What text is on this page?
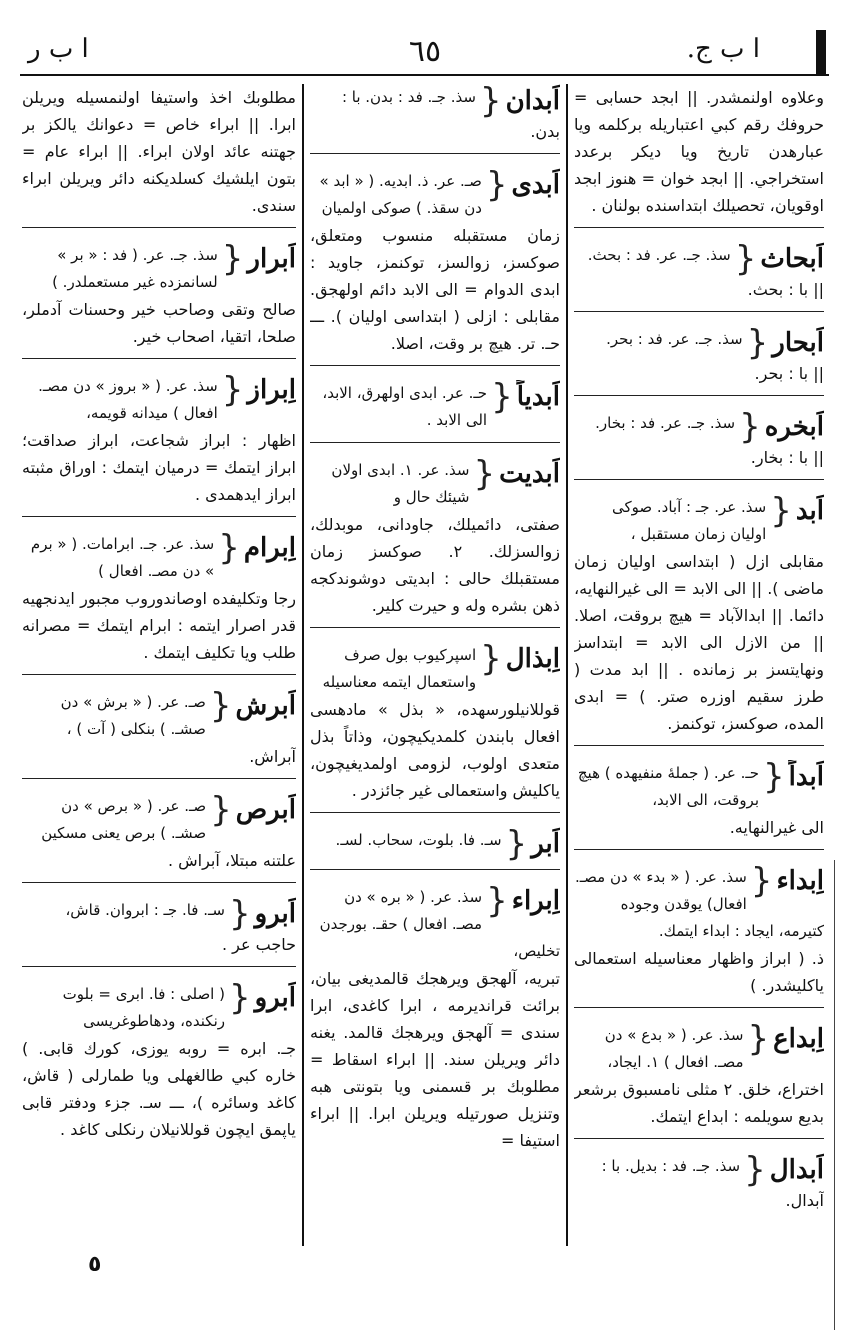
ا ب ج.
٦٥
ا ب ر
وعلاوه اولنمشدر. || ابجد حسابی = حروفك رقم كبي اعتباريله بركلمه ويا عبارهدن تاريخ ويا ديكر برعدد استخراجي. || ابجد خوان = هنوز ابجد اوقويان، تحصيلك ابتداسنده بولنان .
اَبحاث
{
سذ. جـ. عر. فد : بحث.
|| با : بحث.
اَبحار
{
سذ. جـ. عر. فد : بحر.
|| با : بحر.
اَبخره
{
سذ. جـ. عر. فد : بخار.
|| با : بخار.
اَبد
{
سذ. عر. جـ : آباد. صوكى اوليان زمان مستقبل ،
مقابلى ازل ( ابتداسى اوليان زمان ماضى ). || الى الابد = الى غيرالنهايه، دائما. || ابدالآباد = هيچ بروقت، اصلا. || من الازل الى الابد = ابتداسز ونهايتسز بر زمانده . || ابد مدت ( طرز سقيم اوزره صتر. ) = ابدى المده، صوكسز، توكنمز.
اَبداً
{
حـ. عر. ( جملهٔ منفيهده ) هيچ بروقت، الى الابد،
الى غيرالنهايه.
اِبداء
{
سذ. عر. ( « بدء » دن مصـ. افعال) يوقدن وجوده كتيرمه، ايجاد : ابداء ايتمك.
ذ. ( ابراز واظهار معناسيله استعمالى ياكليشدر. )
اِبداع
{
سذ. عر. ( « بدع » دن مصـ. افعال ) ١. ايجاد،
اختراع، خلق. ٢ مثلى نامسبوق برشعر بديع سويلمه : ابداع ايتمك.
اَبدال
{
سذ. جـ. فد : بديل. با :
آبدال.
اَبدان
{
سذ. جـ. فد : بدن. با :
بدن.
اَبدى
{
صـ. عر. ذ. ابديه. ( « ابد » دن سقذ. ) صوكى اولميان
زمان مستقبله منسوب ومتعلق، صوكسز، زوالسز، توكنمز، جاويد : ابدى الدوام = الى الابد دائم اولهجق. مقابلى : ازلى ( ابتداسى اوليان ). ـــ حـ. تر. هيچ بر وقت، اصلا.
اَبدياً
{
حـ. عر. ابدى اولهرق، الابد، الى الابد .
اَبديت
{
سذ. عر. ١. ابدى اولان شيئك حال و
صفتى، دائميلك، جاودانى، موبدلك، زوالسزلك. ٢. صوكسز زمان مستقبلك حالى : ابديتى دوشوندكجه ذهن بشره وله و حيرت كلير.
اِبذال
{
اسپركيوب بول صرف واستعمال ايتمه معناسيله
قوللانيلورسهده، « بذل » مادهسى افعال بابندن كلمديكيچون، وذاتاً بذل متعدى اولوب، لزومى اولمديغيچون، ياكليش واستعمالى غير جائزدر .
اَبر
{
سـ. فا. بلوت، سحاب. لسـ.
اِبراء
{
سذ. عر. ( « بره » دن مصـ. افعال ) حقـ. بورجدن تخليص،
تبريه، آلهجق ويرهجك قالمديغى بيان، برائت قرانديرمه ، ابرا كاغدى، ابرا سندى = آلهجق ويرهجك قالمد. يغنه دائر ويريلن سند. || ابراء اسقاط = مطلوبك بر قسمنى ويا بتونتى هبه وتنزيل صورتيله ويريلن ابرا. || ابراء استيفا =
مطلوبك اخذ واستيفا اولنمسيله ويريلن ابرا. || ابراء خاص = دعوانك يالكز بر جهتنه عائد اولان ابراء. || ابراء عام = بتون ايلشيك كسلديكنه دائر ويريلن ابراء سندى.
اَبرار
{
سذ. جـ. عر. ( فد : « بر » لسانمزده غير مستعملدر. )
صالح وتقى وصاحب خير وحسنات آدملر، صلحا، اتقيا، اصحاب خير.
اِبراز
{
سذ. عر. ( « بروز » دن مصـ. افعال ) ميدانه قويمه،
اظهار : ابراز شجاعت، ابراز صداقت؛ ابراز ايتمك = درميان ايتمك : اوراق مثبته ابراز ايدهمدى .
اِبرام
{
سذ. عر. جـ. ابرامات. ( « برم » دن مصـ. افعال )
رجا وتكليفده اوصاندوروب مجبور ايدنجهيه قدر اصرار ايتمه : ابرام ايتمك = مصرانه طلب ويا تكليف ايتمك .
اَبرش
{
صـ. عر. ( « برش » دن صشـ. ) بنكلى ( آت ) ،
آبراش.
اَبرص
{
صـ. عر. ( « برص » دن صشـ. ) برص يعنى مسكين
علتنه مبتلا، آبراش .
اَبرو
{
سـ. فا. جـ : ابروان. قاش،
حاجب عر .
اَبرو
{
( اصلى : فا. ابرى = بلوت رنكنده، ودهاطوغريسى
جـ. ابره = روبه يوزى، كورك قابى. ) خاره كبي طالغهلى ويا طمارلى ( قاش، كاغد وسائره )، ـــ سـ. جزء ودفتر قابى ياپمق ايچون قوللانيلان رنكلى كاغد .
٥
